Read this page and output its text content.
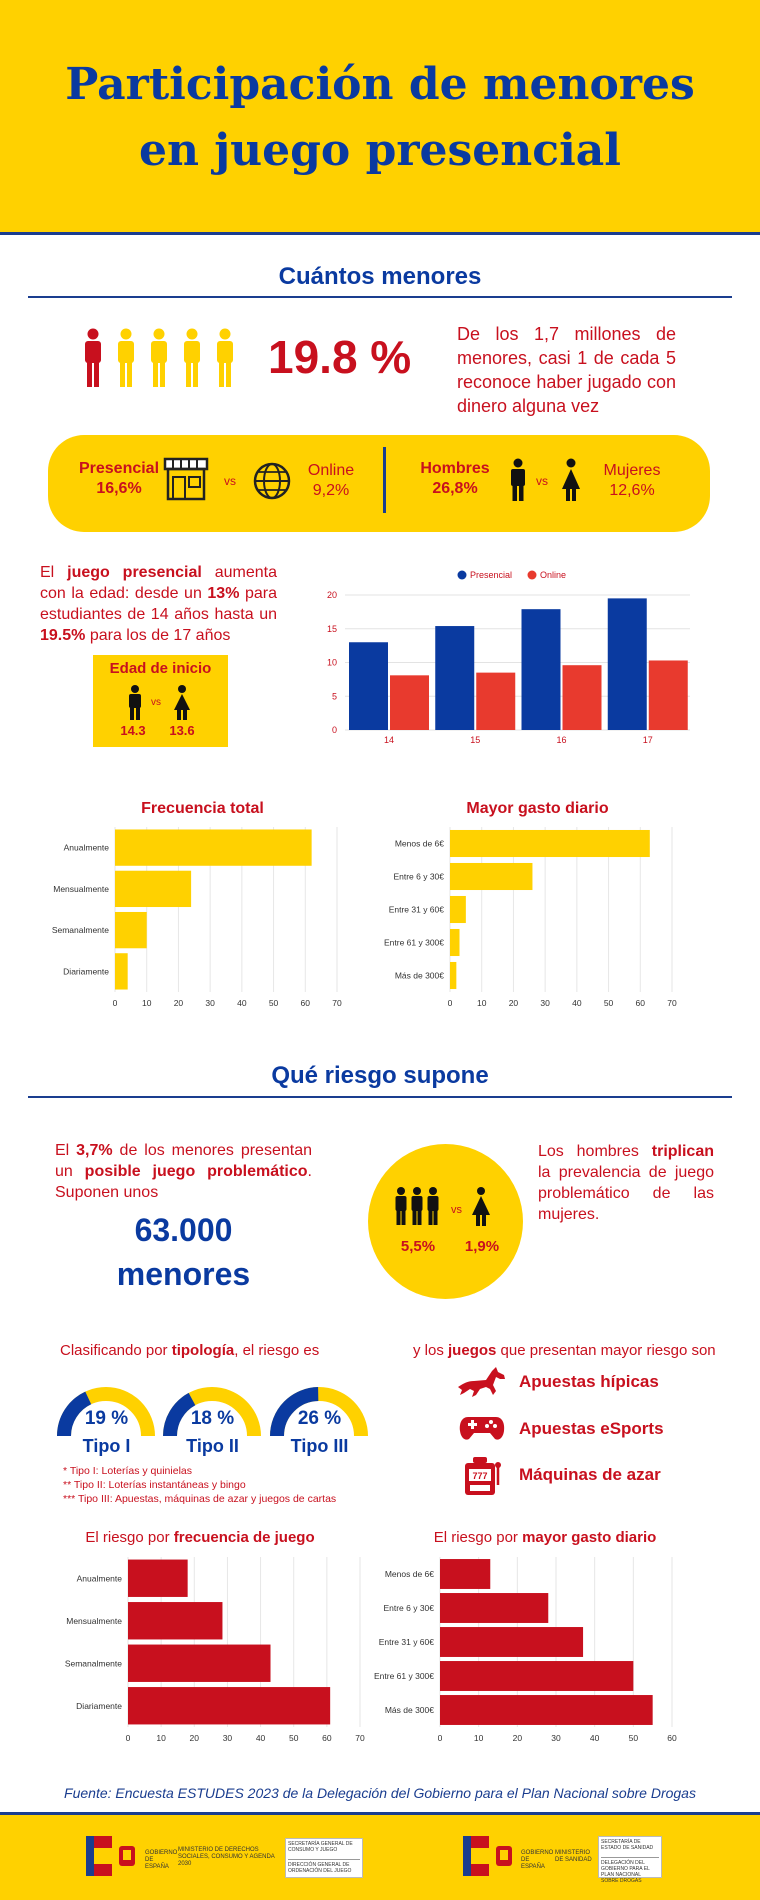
Participación de menores
en juego presencial
Cuántos menores
19.8 %	De los 1,7 millones de menores, casi 1 de cada 5 reconoce haber jugado con dinero alguna vez
Presencial
16,6%	vs
Online
9,2%
Hombres
26,8%	vs
Mujeres
12,6%
El juego presencial aumenta con la edad: desde un 13% para estudiantes de 14 años hasta un 19.5% para los de 17 años
Edad de inicio
vs
14.3	13.6	0
5
10
15
20
Presencial	Online
14	15	16	17
Frecuencia total
0	10	20	30	40	50	60	70
Anualmente
Mensualmente
Semanalmente
Diariamente
Mayor gasto diario
0	10	20	30	40	50	60	70
Menos de 6€
Entre 6 y 30€
Entre 31 y 60€
Entre 61 y 300€
Más de 300€
Qué riesgo supone
El 3,7% de los menores presentan un posible juego problemático. Suponen unos
63.000
menores
vs
5,5%	1,9%
Los hombres triplican la prevalencia de juego problemático de las mujeres.
Clasificando por tipología, el riesgo es	y los juegos que presentan mayor riesgo son
19 %
Tipo I
18 %
Tipo II
26 %
Tipo III
* Tipo I: Loterías y quinielas
** Tipo II: Loterías instantáneas y bingo
*** Tipo III: Apuestas, máquinas de azar y juegos de cartas
Apuestas hípicas
Apuestas eSports
777 Máquinas de azar
El riesgo por frecuencia de juego
0	10	20	30	40	50	60	70
Anualmente
Mensualmente
Semanalmente
Diariamente
El riesgo por mayor gasto diario
0	10	20	30	40	50	60
Menos de 6€
Entre 6 y 30€
Entre 31 y 60€
Entre 61 y 300€
Más de 300€
Fuente: Encuesta ESTUDES 2023 de la Delegación del Gobierno para el Plan Nacional sobre Drogas
GOBIERNO DE ESPAÑA
MINISTERIO DE DERECHOS SOCIALES, CONSUMO Y AGENDA 2030
SECRETARÍA GENERAL DE CONSUMO Y JUEGO
DIRECCIÓN GENERAL DE ORDENACIÓN DEL JUEGO
GOBIERNO DE ESPAÑA
MINISTERIO DE SANIDAD
SECRETARÍA DE ESTADO DE SANIDAD
DELEGACIÓN DEL GOBIERNO PARA EL PLAN NACIONAL SOBRE DROGAS
